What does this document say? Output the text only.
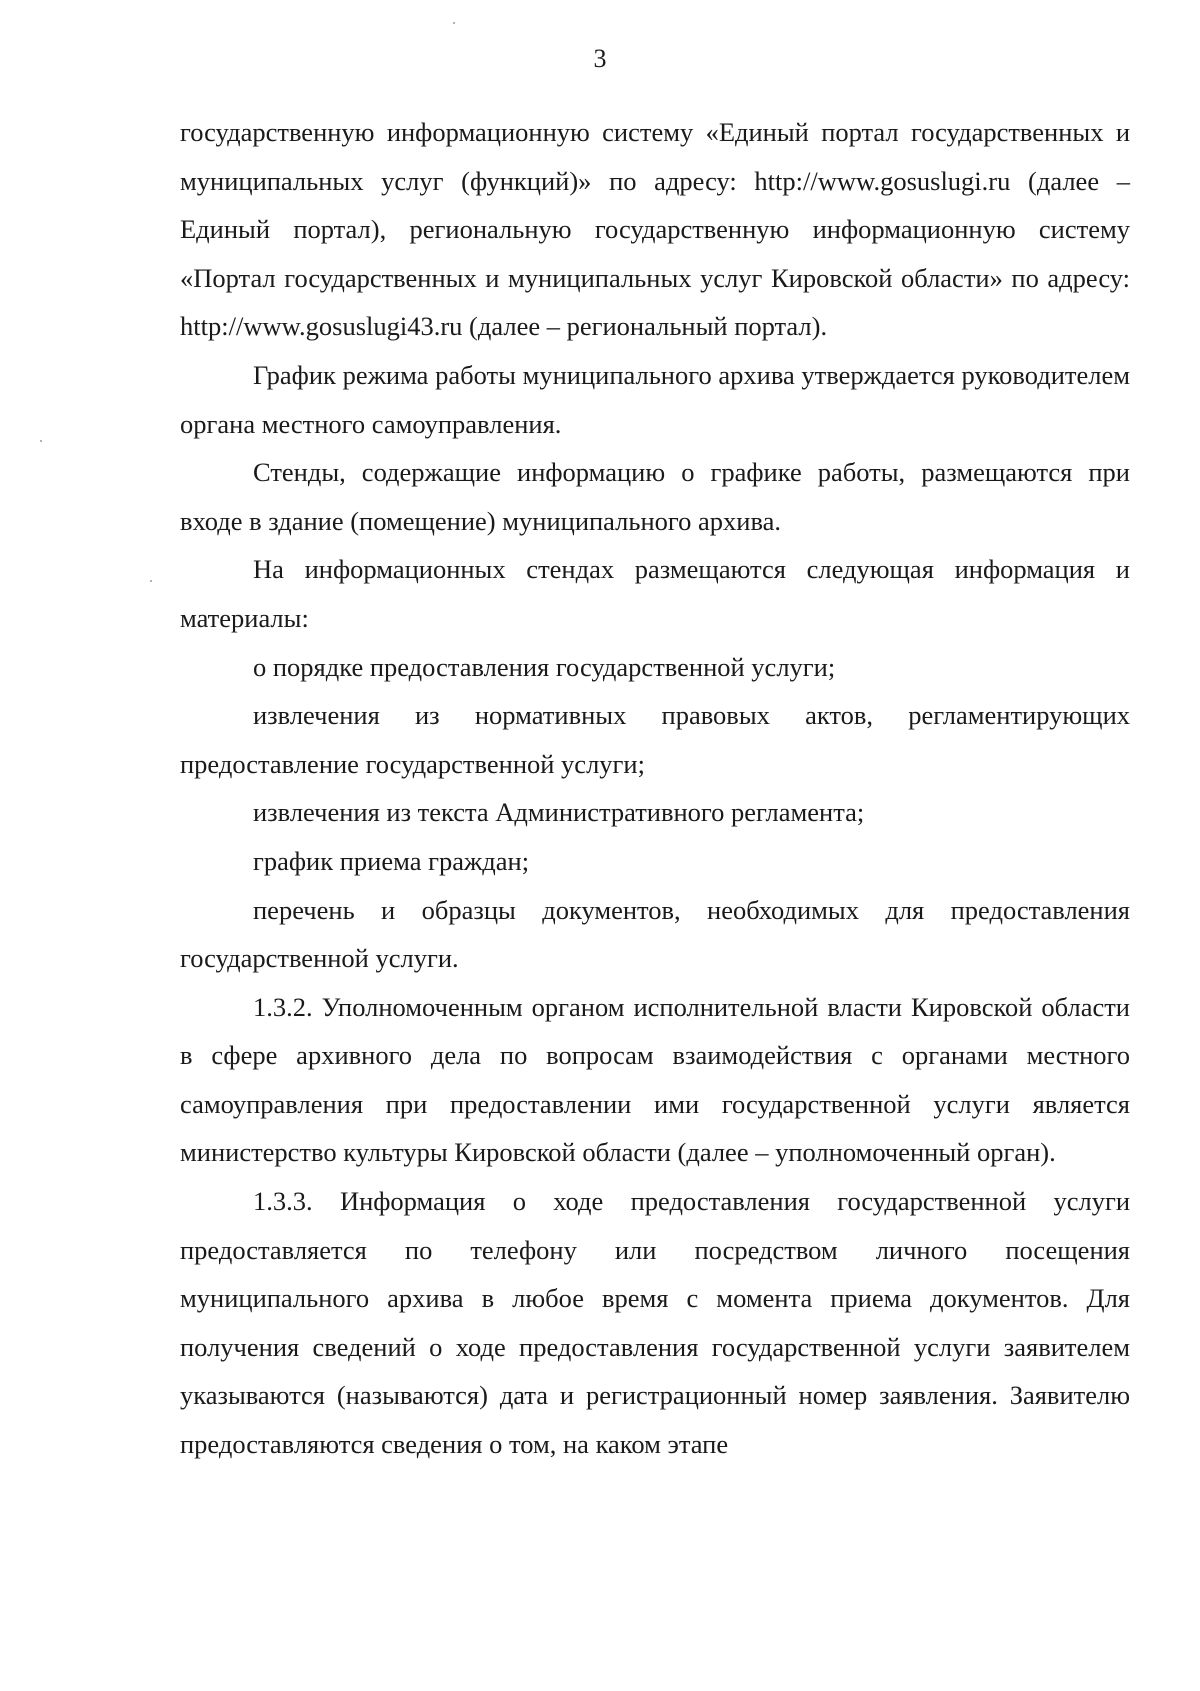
3

государственную информационную систему «Единый портал государственных и муниципальных услуг (функций)» по адресу: http://www.gosuslugi.ru (далее – Единый портал), региональную государственную информационную систему «Портал государственных и муниципальных услуг Кировской области» по адресу: http://www.gosuslugi43.ru (далее – региональный портал).

График режима работы муниципального архива утверждается руководителем органа местного самоуправления.

Стенды, содержащие информацию о графике работы, размещаются при входе в здание (помещение) муниципального архива.

На информационных стендах размещаются следующая информация и материалы:

о порядке предоставления государственной услуги;

извлечения из нормативных правовых актов, регламентирующих предоставление государственной услуги;

извлечения из текста Административного регламента;

график приема граждан;

перечень и образцы документов, необходимых для предоставления государственной услуги.

1.3.2. Уполномоченным органом исполнительной власти Кировской области в сфере архивного дела по вопросам взаимодействия с органами местного самоуправления при предоставлении ими государственной услуги является министерство культуры Кировской области (далее – уполномоченный орган).

1.3.3. Информация о ходе предоставления государственной услуги предоставляется по телефону или посредством личного посещения муниципального архива в любое время с момента приема документов. Для получения сведений о ходе предоставления государственной услуги заявителем указываются (называются) дата и регистрационный номер заявления. Заявителю предоставляются сведения о том, на каком этапе
